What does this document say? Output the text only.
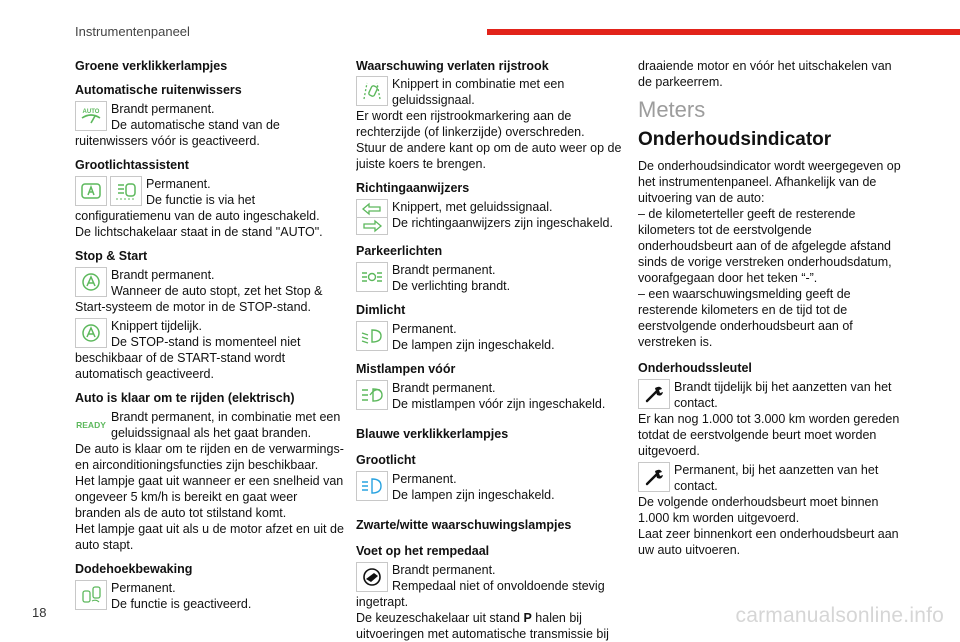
Instrumentenpaneel
Groene verklikkerlampjes
Automatische ruitenwissers
AUTO Brandt permanent.
De automatische stand van de ruitenwissers vóór is geactiveerd.
Grootlichtassistent
Permanent.
De functie is via het configuratiemenu van de auto ingeschakeld.
De lichtschakelaar staat in de stand "AUTO".
Stop & Start
Brandt permanent.
Wanneer de auto stopt, zet het Stop & Start-systeem de motor in de STOP-stand.
Knippert tijdelijk.
De STOP-stand is momenteel niet beschikbaar of de START-stand wordt automatisch geactiveerd.
Auto is klaar om te rijden (elektrisch)
READY
Brandt permanent, in combinatie met een geluidssignaal als het gaat branden.
De auto is klaar om te rijden en de verwarmings- en airconditioningsfuncties zijn beschikbaar.
Het lampje gaat uit wanneer er een snelheid van ongeveer 5 km/h is bereikt en gaat weer branden als de auto tot stilstand komt.
Het lampje gaat uit als u de motor afzet en uit de auto stapt.
Dodehoekbewaking
Permanent.
De functie is geactiveerd.
Waarschuwing verlaten rijstrook
Knippert in combinatie met een geluidssignaal.
Er wordt een rijstrookmarkering aan de rechterzijde (of linkerzijde) overschreden.
Stuur de andere kant op om de auto weer op de juiste koers te brengen.
Richtingaanwijzers
Knippert, met geluidssignaal.
De richtingaanwijzers zijn ingeschakeld.
Parkeerlichten
Brandt permanent.
De verlichting brandt.
Dimlicht
Permanent.
De lampen zijn ingeschakeld.
Mistlampen vóór
Brandt permanent.
De mistlampen vóór zijn ingeschakeld.
Blauwe verklikkerlampjes
Grootlicht
Permanent.
De lampen zijn ingeschakeld.
Zwarte/witte waarschuwingslampjes
Voet op het rempedaal
Brandt permanent.
Rempedaal niet of onvoldoende stevig ingetrapt.
De keuzeschakelaar uit stand P halen bij uitvoeringen met automatische transmissie bij

draaiende motor en vóór het uitschakelen van de parkeerrem.

Meters
Onderhoudsindicator

De onderhoudsindicator wordt weergegeven op het instrumentenpaneel. Afhankelijk van de uitvoering van de auto:
– de kilometerteller geeft de resterende kilometers tot de eerstvolgende onderhoudsbeurt aan of de afgelegde afstand sinds de vorige verstreken onderhoudsdatum, voorafgegaan door het teken “-”.
– een waarschuwingsmelding geeft de resterende kilometers en de tijd tot de eerstvolgende onderhoudsbeurt aan of verstreken is.

Onderhoudssleutel
Brandt tijdelijk bij het aanzetten van het contact.
Er kan nog 1.000 tot 3.000 km worden gereden totdat de eerstvolgende beurt moet worden uitgevoerd.
Permanent, bij het aanzetten van het contact.
De volgende onderhoudsbeurt moet binnen 1.000 km worden uitgevoerd.
Laat zeer binnenkort een onderhoudsbeurt aan uw auto uitvoeren.
18	carmanualsonline.info
